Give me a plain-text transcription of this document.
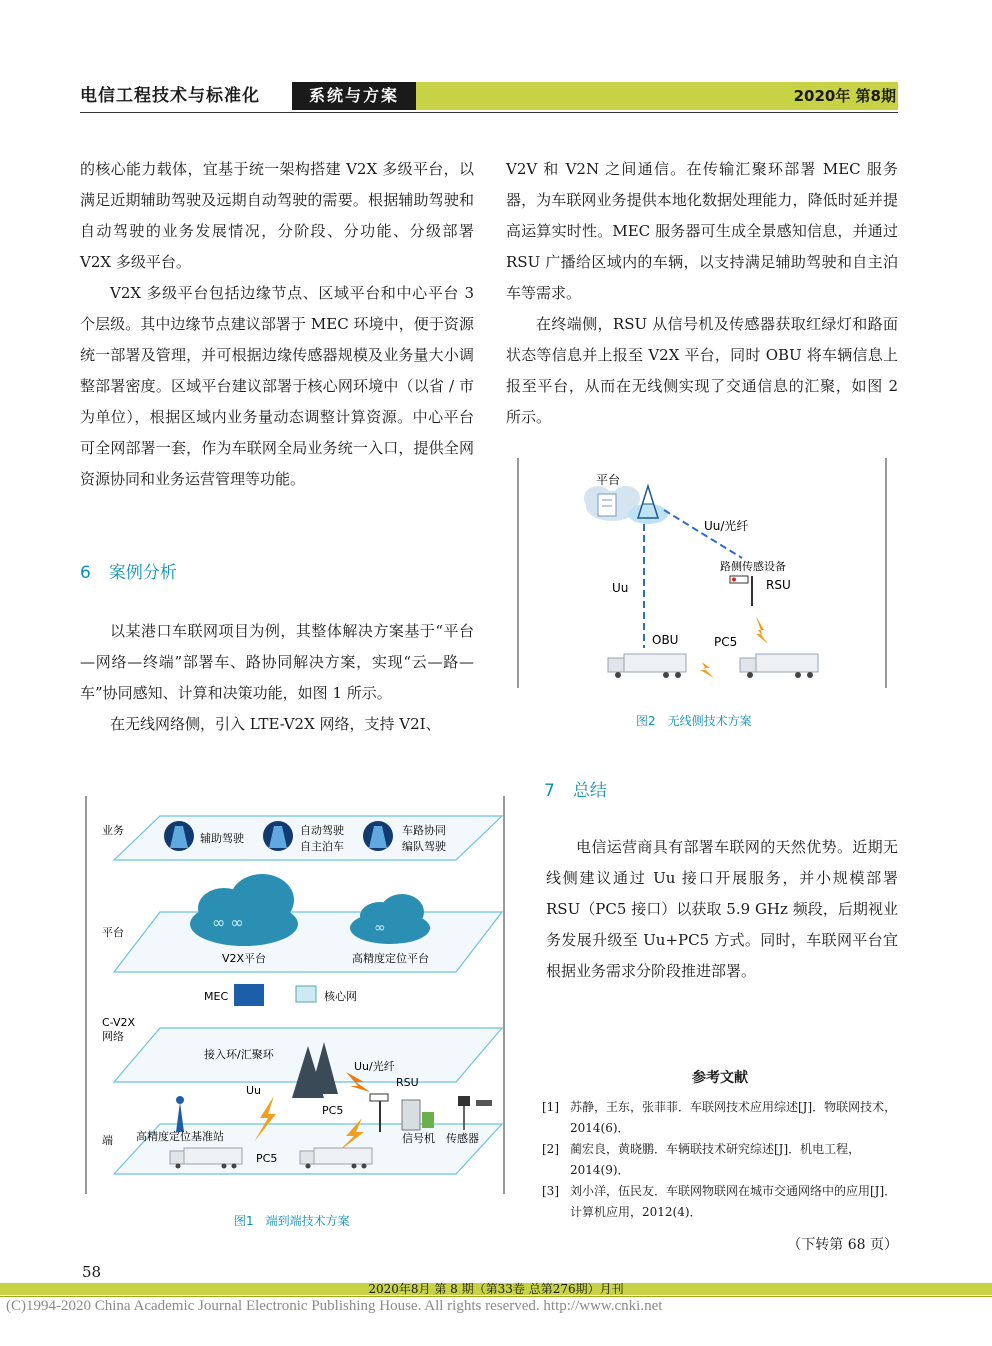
电信工程技术与标准化	系统与方案	2020年 第8期

的核心能力载体，宜基于统一架构搭建 V2X 多级平台，以满足近期辅助驾驶及远期自动驾驶的需要。根据辅助驾驶和自动驾驶的业务发展情况，分阶段、分功能、分级部署 V2X 多级平台。

V2X 多级平台包括边缘节点、区域平台和中心平台 3 个层级。其中边缘节点建议部署于 MEC 环境中，便于资源统一部署及管理，并可根据边缘传感器规模及业务量大小调整部署密度。区域平台建议部署于核心网环境中（以省 / 市为单位），根据区域内业务量动态调整计算资源。中心平台可全网部署一套，作为车联网全局业务统一入口，提供全网资源协同和业务运营管理等功能。

6 案例分析

以某港口车联网项目为例，其整体解决方案基于“平台—网络—终端”部署车、路协同解决方案，实现“云—路—车”协同感知、计算和决策功能，如图 1 所示。

在无线网络侧，引入 LTE-V2X 网络，支持 V2I、

V2V 和 V2N 之间通信。在传输汇聚环部署 MEC 服务器，为车联网业务提供本地化数据处理能力，降低时延并提高运算实时性。MEC 服务器可生成全景感知信息，并通过 RSU 广播给区域内的车辆，以支持满足辅助驾驶和自主泊车等需求。

在终端侧，RSU 从信号机及传感器获取红绿灯和路面状态等信息并上报至 V2X 平台，同时 OBU 将车辆信息上报至平台，从而在无线侧实现了交通信息的汇聚，如图 2 所示。

平台
Uu/光纤
Uu
路侧传感设备
RSU
OBU	PC5
图2　无线侧技术方案
7 总结

电信运营商具有部署车联网的天然优势。近期无线侧建议通过 Uu 接口开展服务，并小规模部署 RSU（PC5 接口）以获取 5.9 GHz 频段，后期视业务发展升级至 Uu+PC5 方式。同时，车联网平台宜根据业务需求分阶段推进部署。

业务
平台
C-V2X
网络
端
辅助驾驶
自动驾驶
自主泊车
车路协同
编队驾驶
∞ ∞	∞
V2X平台	高精度定位平台
MEC	核心网
接入环/汇聚环
Uu/光纤
RSU
Uu
PC5
高精度定位基准站	信号机 传感器
PC5
图1　端到端技术方案
参考文献
[1] 苏静，王东，张菲菲．车联网技术应用综述[J]．物联网技术，2014(6)．
[2] 蔺宏良，黄晓鹏．车辆联技术研究综述[J]．机电工程，2014(9)．
[3] 刘小洋，伍民友．车联网物联网在城市交通网络中的应用[J]．计算机应用，2012(4)．
（下转第 68 页）
58
2020年8月 第 8 期（第33卷 总第276期）月刊
(C)1994-2020 China Academic Journal Electronic Publishing House. All rights reserved. http://www.cnki.net
